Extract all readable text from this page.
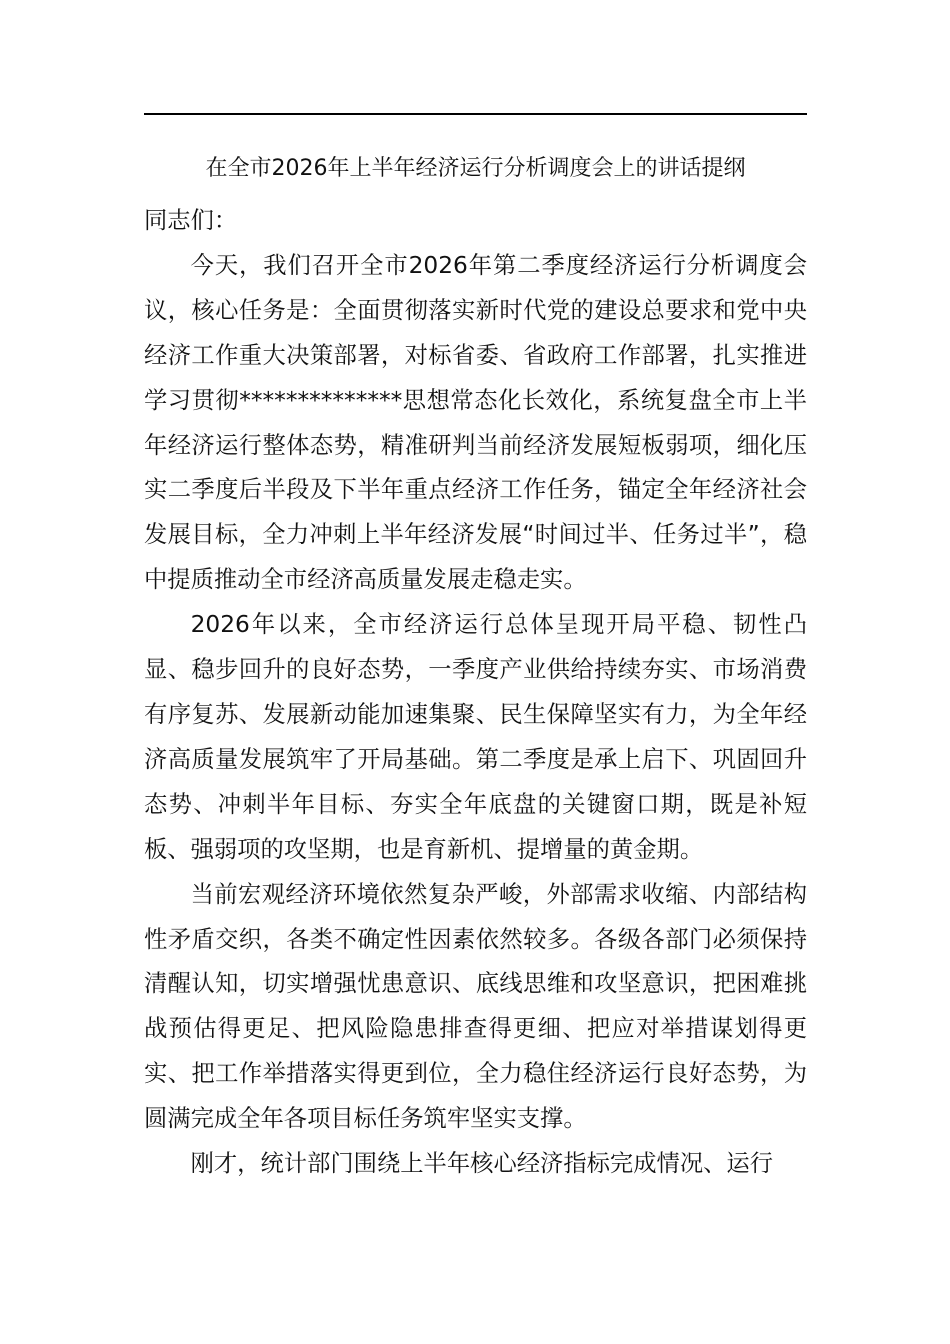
在全市2026年上半年经济运行分析调度会上的讲话提纲

同志们：

今天，我们召开全市2026年第二季度经济运行分析调度会议，核心任务是：全面贯彻落实新时代党的建设总要求和党中央经济工作重大决策部署，对标省委、省政府工作部署，扎实推进学习贯彻**************思想常态化长效化，系统复盘全市上半年经济运行整体态势，精准研判当前经济发展短板弱项，细化压实二季度后半段及下半年重点经济工作任务，锚定全年经济社会发展目标，全力冲刺上半年经济发展“时间过半、任务过半”，稳中提质推动全市经济高质量发展走稳走实。

2026年以来，全市经济运行总体呈现开局平稳、韧性凸显、稳步回升的良好态势，一季度产业供给持续夯实、市场消费有序复苏、发展新动能加速集聚、民生保障坚实有力，为全年经济高质量发展筑牢了开局基础。第二季度是承上启下、巩固回升态势、冲刺半年目标、夯实全年底盘的关键窗口期，既是补短板、强弱项的攻坚期，也是育新机、提增量的黄金期。

当前宏观经济环境依然复杂严峻，外部需求收缩、内部结构性矛盾交织，各类不确定性因素依然较多。各级各部门必须保持清醒认知，切实增强忧患意识、底线思维和攻坚意识，把困难挑战预估得更足、把风险隐患排查得更细、把应对举措谋划得更实、把工作举措落实得更到位，全力稳住经济运行良好态势，为圆满完成全年各项目标任务筑牢坚实支撑。

刚才，统计部门围绕上半年核心经济指标完成情况、运行
